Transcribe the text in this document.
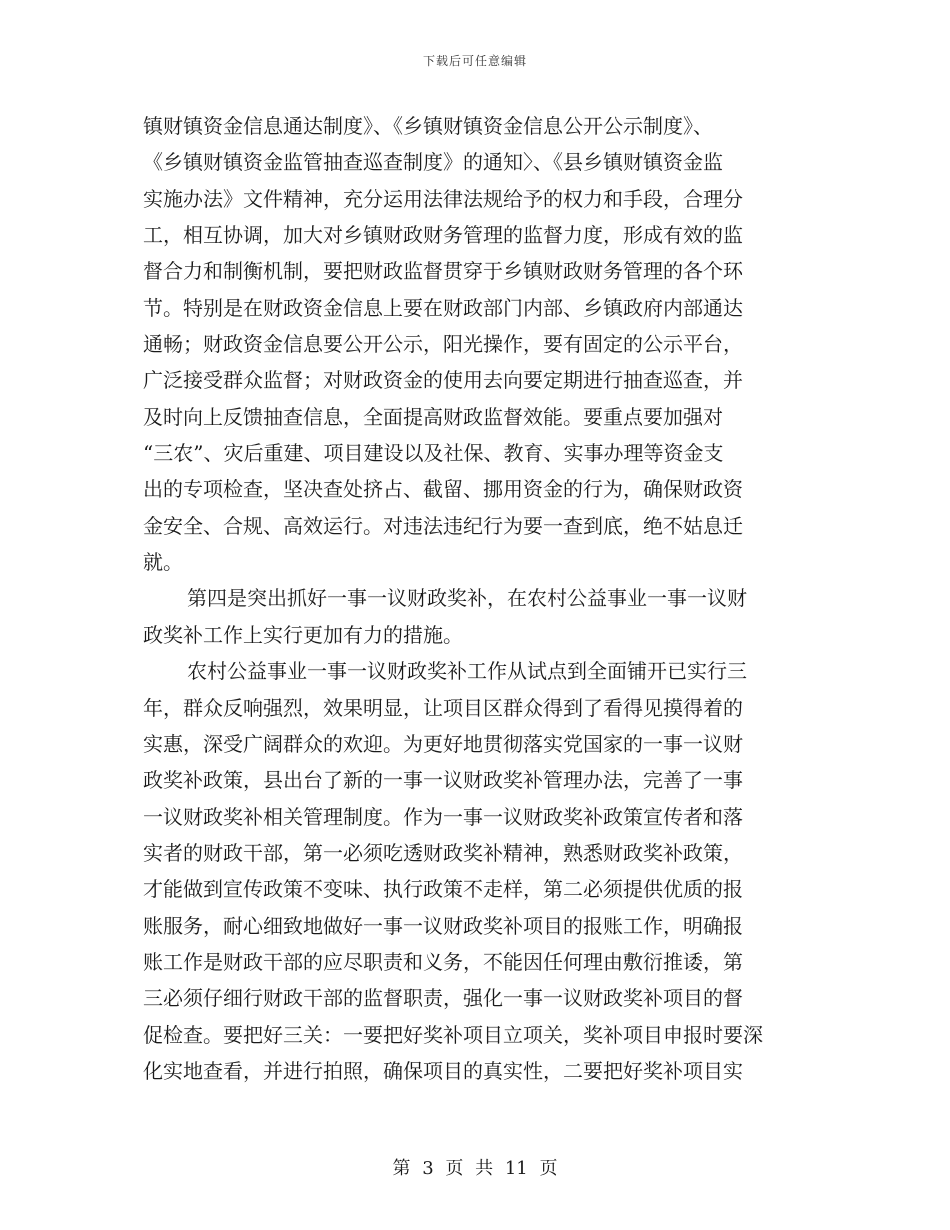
下载后可任意编辑
镇财镇资金信息通达制度》、《乡镇财镇资金信息公开公示制度》、
《乡镇财镇资金监管抽查巡查制度》的通知〉、《县乡镇财镇资金监
实施办法》文件精神，充分运用法律法规给予的权力和手段，合理分
工，相互协调，加大对乡镇财政财务管理的监督力度，形成有效的监
督合力和制衡机制，要把财政监督贯穿于乡镇财政财务管理的各个环
节。特别是在财政资金信息上要在财政部门内部、乡镇政府内部通达
通畅；财政资金信息要公开公示，阳光操作，要有固定的公示平台，
广泛接受群众监督；对财政资金的使用去向要定期进行抽查巡查，并
及时向上反馈抽查信息，全面提高财政监督效能。要重点要加强对
“三农”、灾后重建、项目建设以及社保、教育、实事办理等资金支
出的专项检查，坚决查处挤占、截留、挪用资金的行为，确保财政资
金安全、合规、高效运行。对违法违纪行为要一查到底，绝不姑息迁
就。
第四是突出抓好一事一议财政奖补，在农村公益事业一事一议财
政奖补工作上实行更加有力的措施。
农村公益事业一事一议财政奖补工作从试点到全面铺开已实行三
年，群众反响强烈，效果明显，让项目区群众得到了看得见摸得着的
实惠，深受广阔群众的欢迎。为更好地贯彻落实党国家的一事一议财
政奖补政策，县出台了新的一事一议财政奖补管理办法，完善了一事
一议财政奖补相关管理制度。作为一事一议财政奖补政策宣传者和落
实者的财政干部，第一必须吃透财政奖补精神，熟悉财政奖补政策，
才能做到宣传政策不变味、执行政策不走样，第二必须提供优质的报
账服务，耐心细致地做好一事一议财政奖补项目的报账工作，明确报
账工作是财政干部的应尽职责和义务，不能因任何理由敷衍推诿，第
三必须仔细行财政干部的监督职责，强化一事一议财政奖补项目的督
促检查。要把好三关：一要把好奖补项目立项关，奖补项目申报时要深
化实地查看，并进行拍照，确保项目的真实性，二要把好奖补项目实
第 3 页 共 11 页
